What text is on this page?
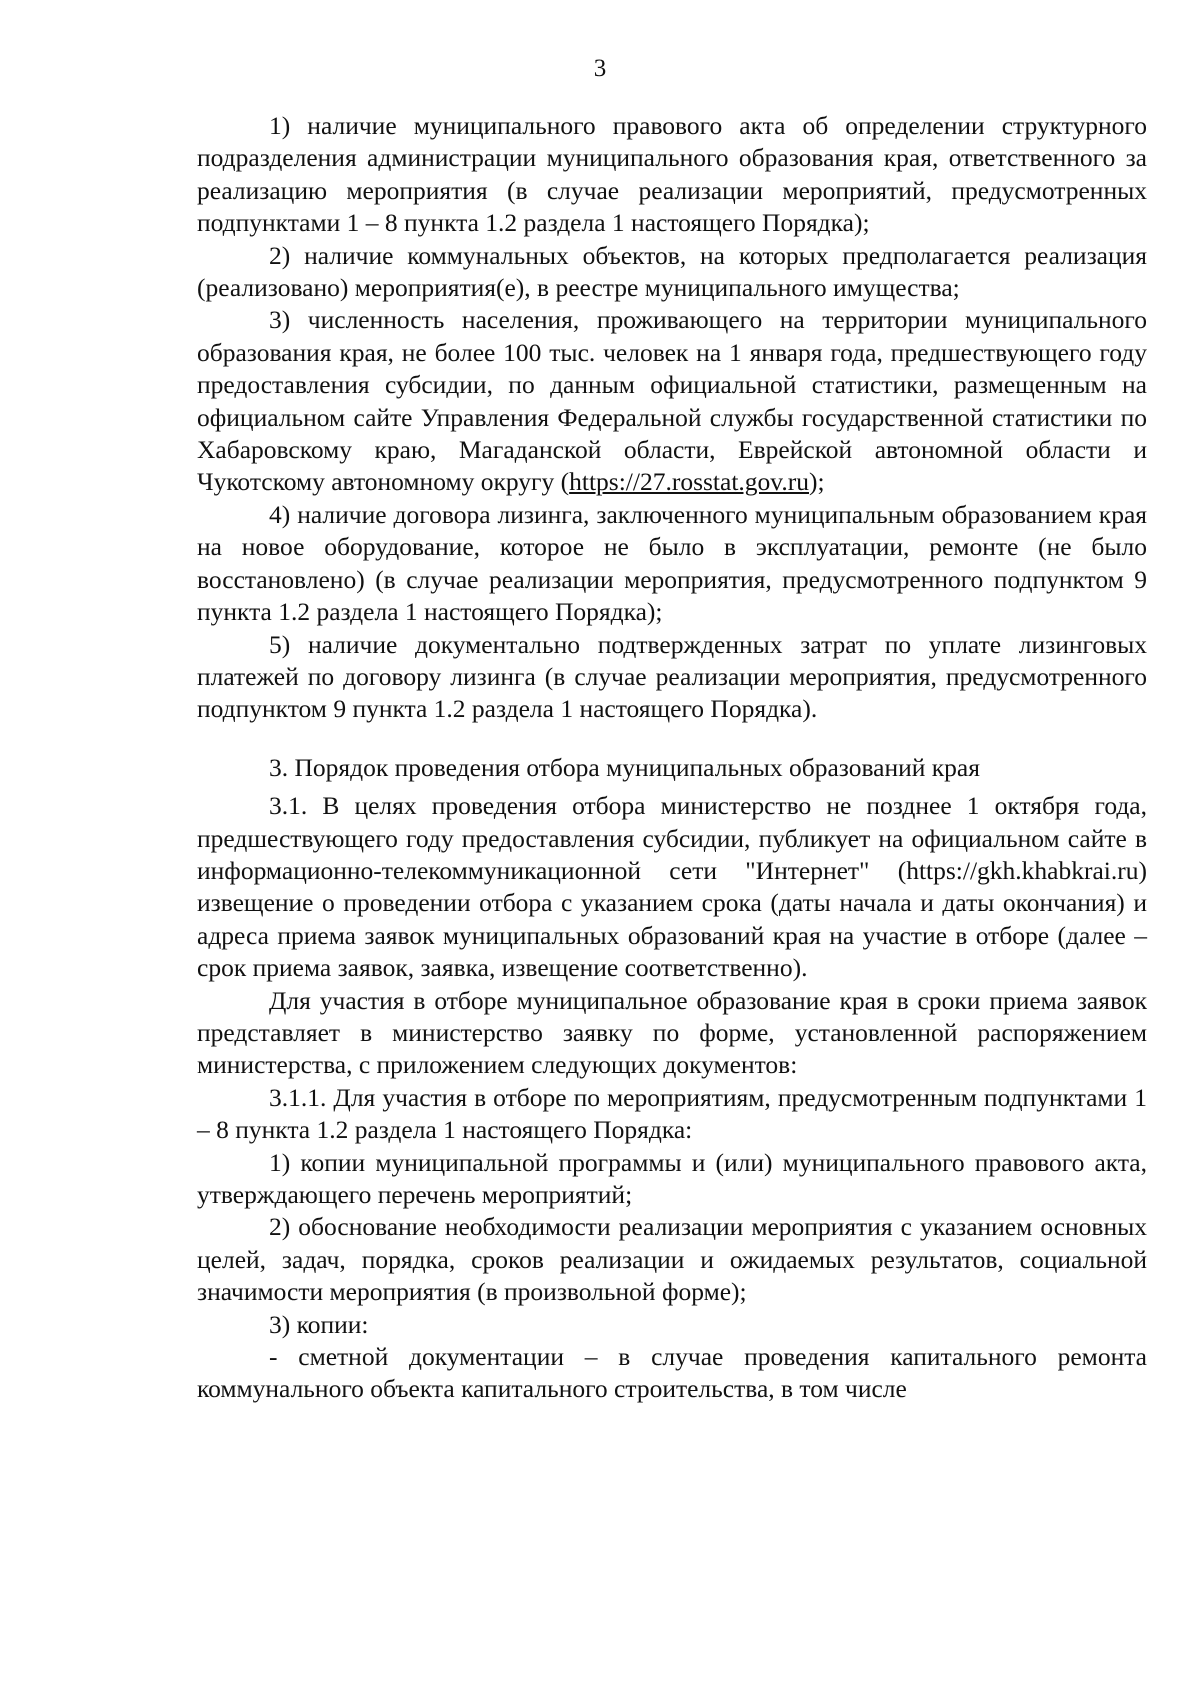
3

1) наличие муниципального правового акта об определении структурного подразделения администрации муниципального образования края, ответственного за реализацию мероприятия (в случае реализации мероприятий, предусмотренных подпунктами 1 – 8 пункта 1.2 раздела 1 настоящего Порядка);

2) наличие коммунальных объектов, на которых предполагается реализация (реализовано) мероприятия(е), в реестре муниципального имущества;

3) численность населения, проживающего на территории муниципального образования края, не более 100 тыс. человек на 1 января года, предшествующего году предоставления субсидии, по данным официальной статистики, размещенным на официальном сайте Управления Федеральной службы государственной статистики по Хабаровскому краю, Магаданской области, Еврейской автономной области и Чукотскому автономному округу (https://27.rosstat.gov.ru);

4) наличие договора лизинга, заключенного муниципальным образованием края на новое оборудование, которое не было в эксплуатации, ремонте (не было восстановлено) (в случае реализации мероприятия, предусмотренного подпунктом 9 пункта 1.2 раздела 1 настоящего Порядка);

5) наличие документально подтвержденных затрат по уплате лизинговых платежей по договору лизинга (в случае реализации мероприятия, предусмотренного подпунктом 9 пункта 1.2 раздела 1 настоящего Порядка).

3. Порядок проведения отбора муниципальных образований края

3.1. В целях проведения отбора министерство не позднее 1 октября года, предшествующего году предоставления субсидии, публикует на официальном сайте в информационно-телекоммуникационной сети "Интернет" (https://gkh.khabkrai.ru) извещение о проведении отбора с указанием срока (даты начала и даты окончания) и адреса приема заявок муниципальных образований края на участие в отборе (далее – срок приема заявок, заявка, извещение соответственно).

Для участия в отборе муниципальное образование края в сроки приема заявок представляет в министерство заявку по форме, установленной распоряжением министерства, с приложением следующих документов:

3.1.1. Для участия в отборе по мероприятиям, предусмотренным подпунктами 1 – 8 пункта 1.2 раздела 1 настоящего Порядка:

1) копии муниципальной программы и (или) муниципального правового акта, утверждающего перечень мероприятий;

2) обоснование необходимости реализации мероприятия с указанием основных целей, задач, порядка, сроков реализации и ожидаемых результатов, социальной значимости мероприятия (в произвольной форме);

3) копии:

- сметной документации – в случае проведения капитального ремонта коммунального объекта капитального строительства, в том числе
